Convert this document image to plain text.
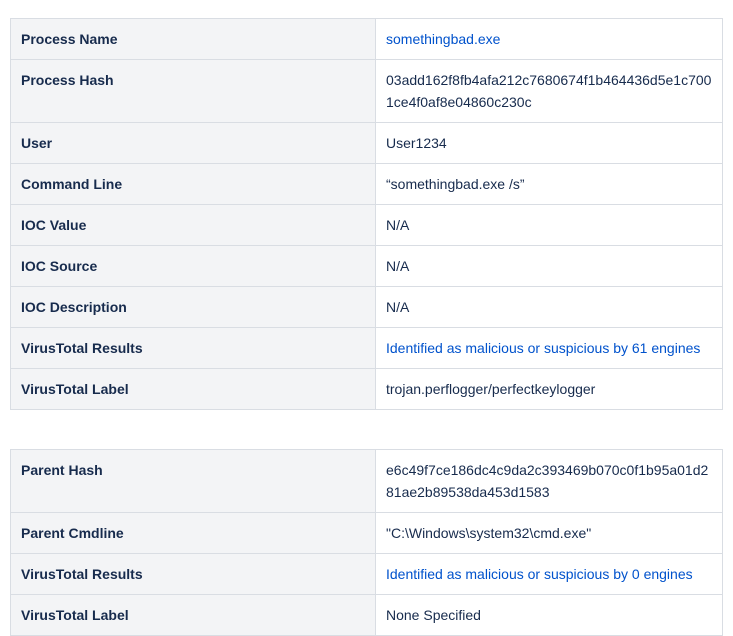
Process Name	somethingbad.exe
Process Hash	03add162f8fb4afa212c7680674f1b464436d5e1c7001ce4f0af8e04860c230c
User	User1234
Command Line	“somethingbad.exe /s”
IOC Value	N/A
IOC Source	N/A
IOC Description	N/A
VirusTotal Results	Identified as malicious or suspicious by 61 engines
VirusTotal Label	trojan.perflogger/perfectkeylogger
Parent Hash	e6c49f7ce186dc4c9da2c393469b070c0f1b95a01d281ae2b89538da453d1583
Parent Cmdline	"C:\Windows\system32\cmd.exe"
VirusTotal Results	Identified as malicious or suspicious by 0 engines
VirusTotal Label	None Specified
